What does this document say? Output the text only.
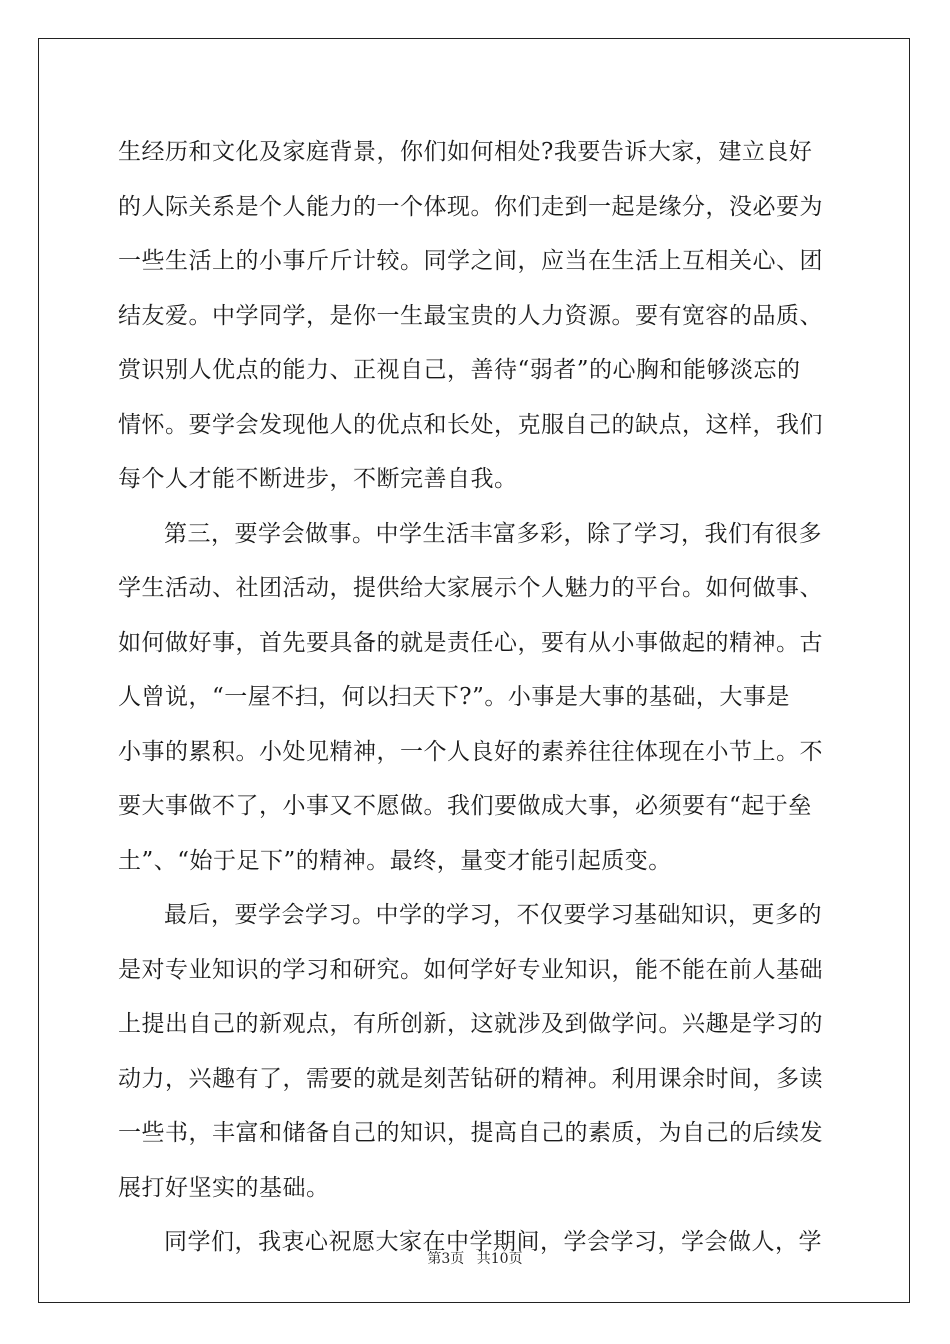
生经历和文化及家庭背景，你们如何相处?我要告诉大家，建立良好

的人际关系是个人能力的一个体现。你们走到一起是缘分，没必要为

一些生活上的小事斤斤计较。同学之间，应当在生活上互相关心、团

结友爱。中学同学，是你一生最宝贵的人力资源。要有宽容的品质、

赏识别人优点的能力、正视自己，善待“弱者”的心胸和能够淡忘的

情怀。要学会发现他人的优点和长处，克服自己的缺点，这样，我们

每个人才能不断进步，不断完善自我。

第三，要学会做事。中学生活丰富多彩，除了学习，我们有很多

学生活动、社团活动，提供给大家展示个人魅力的平台。如何做事、

如何做好事，首先要具备的就是责任心，要有从小事做起的精神。古

人曾说，“一屋不扫，何以扫天下?”。小事是大事的基础，大事是

小事的累积。小处见精神，一个人良好的素养往往体现在小节上。不

要大事做不了，小事又不愿做。我们要做成大事，必须要有“起于垒

土”、“始于足下”的精神。最终，量变才能引起质变。

最后，要学会学习。中学的学习，不仅要学习基础知识，更多的

是对专业知识的学习和研究。如何学好专业知识，能不能在前人基础

上提出自己的新观点，有所创新，这就涉及到做学问。兴趣是学习的

动力，兴趣有了，需要的就是刻苦钻研的精神。利用课余时间，多读

一些书，丰富和储备自己的知识，提高自己的素质，为自己的后续发

展打好坚实的基础。

同学们，我衷心祝愿大家在中学期间，学会学习，学会做人，学

第3页 共10页
